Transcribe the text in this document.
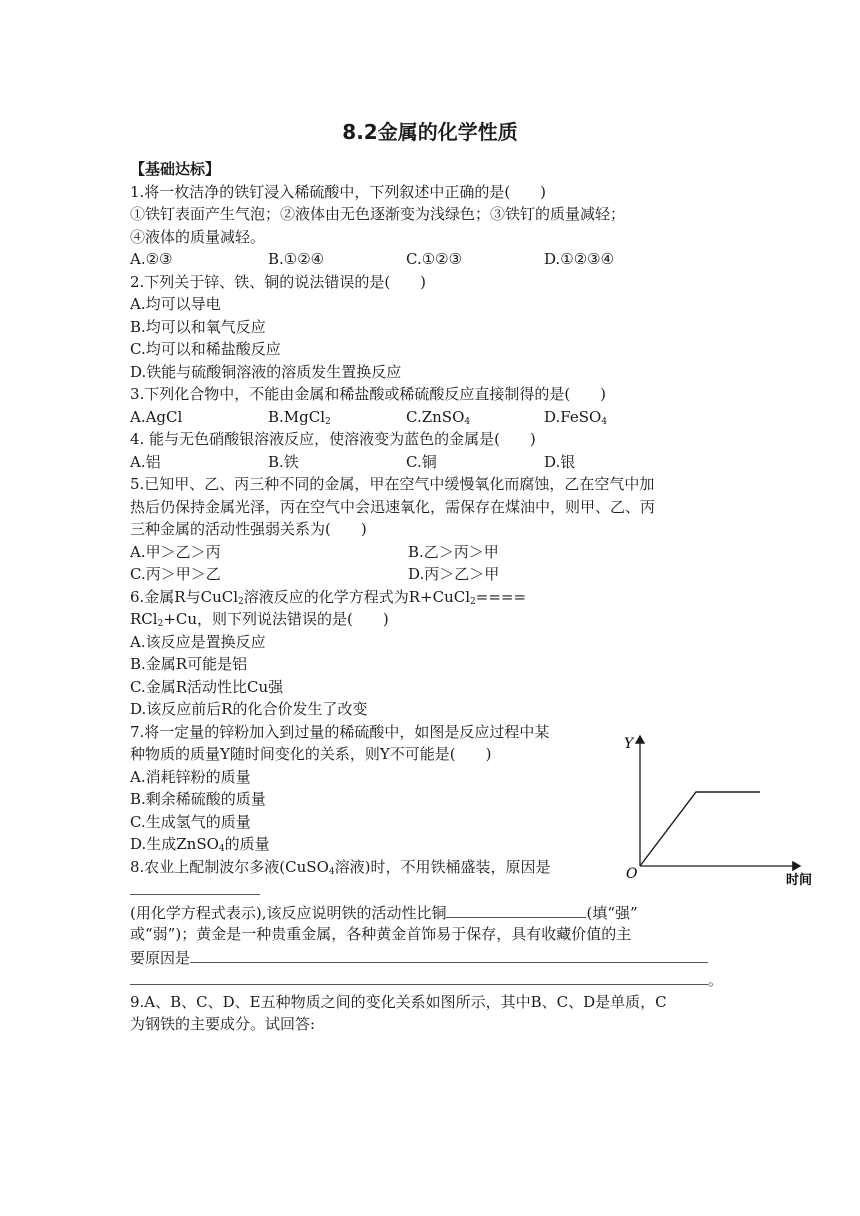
8.2金属的化学性质
【基础达标】
1.将一枚洁净的铁钉浸入稀硫酸中，下列叙述中正确的是(　　)
①铁钉表面产生气泡；②液体由无色逐渐变为浅绿色；③铁钉的质量减轻；
④液体的质量减轻。
A.②③	B.①②④	C.①②③	D.①②③④
2.下列关于锌、铁、铜的说法错误的是(　　)
A.均可以导电
B.均可以和氧气反应
C.均可以和稀盐酸反应
D.铁能与硫酸铜溶液的溶质发生置换反应
3.下列化合物中，不能由金属和稀盐酸或稀硫酸反应直接制得的是(　　)
A.AgCl	B.MgCl$_2$	C.ZnSO$_4$	D.FeSO$_4$
4. 能与无色硝酸银溶液反应，使溶液变为蓝色的金属是(　　)
A.铝	B.铁	C.铜	D.银
5.已知甲、乙、丙三种不同的金属，甲在空气中缓慢氧化而腐蚀，乙在空气中加
热后仍保持金属光泽，丙在空气中会迅速氧化，需保存在煤油中，则甲、乙、丙
三种金属的活动性强弱关系为(　　)
A.甲＞乙＞丙	B.乙＞丙＞甲
C.丙＞甲＞乙	D.丙＞乙＞甲
6.金属R与CuCl$_2$溶液反应的化学方程式为R+CuCl$_2$====
RCl$_2$+Cu，则下列说法错误的是(　　)
A.该反应是置换反应
B.金属R可能是铝
C.金属R活动性比Cu强
D.该反应前后R的化合价发生了改变
7.将一定量的锌粉加入到过量的稀硫酸中，如图是反应过程中某
种物质的质量Y随时间变化的关系，则Y不可能是(　　)
A.消耗锌粉的质量
B.剩余稀硫酸的质量
C.生成氢气的质量
D.生成ZnSO$_4$的质量
8.农业上配制波尔多液(CuSO$_4$溶液)时，不用铁桶盛装，原因是
(用化学方程式表示),该反应说明铁的活动性比铜	(填“强”
或“弱”)；黄金是一种贵重金属，各种黄金首饰易于保存，具有收藏价值的主
要原因是
。
9.A、B、C、D、E五种物质之间的变化关系如图所示，其中B、C、D是单质，C
为钢铁的主要成分。试回答:
Y
O	时间
